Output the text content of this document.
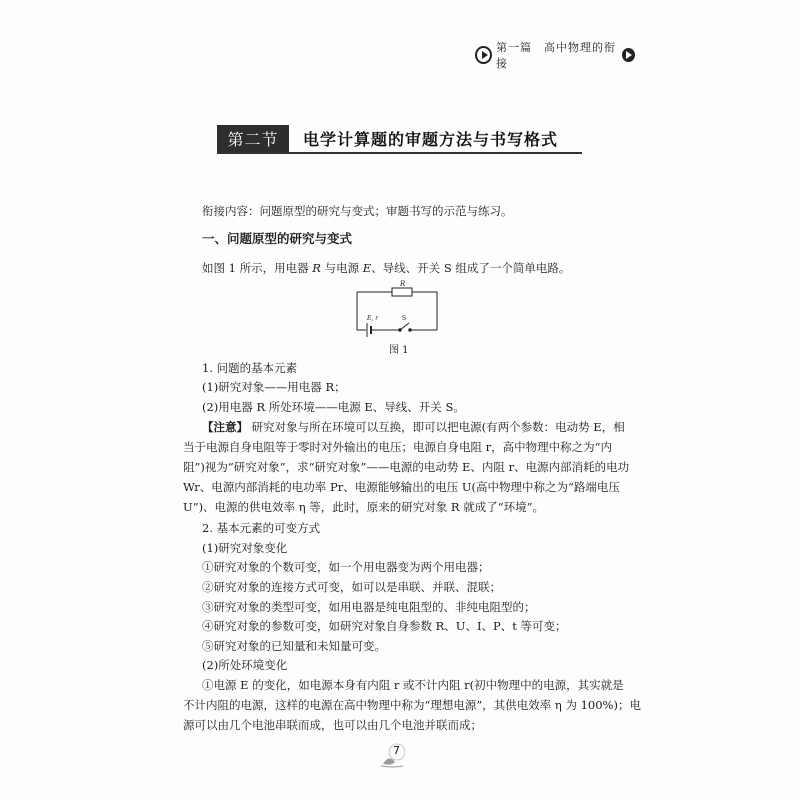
第一篇　高中物理的衔接
第二节	电学计算题的审题方法与书写格式
衔接内容：问题原型的研究与变式；审题书写的示范与练习。
一、问题原型的研究与变式
如图 1 所示，用电器 R 与电源 E、导线、开关 S 组成了一个简单电路。
R
E, r	S
图 1
1. 问题的基本元素
(1)研究对象——用电器 R；
(2)用电器 R 所处环境——电源 E、导线、开关 S。
【注意】 研究对象与所在环境可以互换，即可以把电源(有两个参数：电动势 E，相
当于电源自身电阻等于零时对外输出的电压；电源自身电阻 r，高中物理中称之为“内
阻”)视为“研究对象”，求“研究对象”——电源的电动势 E、内阻 r、电源内部消耗的电功
Wr、电源内部消耗的电功率 Pr、电源能够输出的电压 U(高中物理中称之为“路端电压
U”)、电源的供电效率 η 等，此时，原来的研究对象 R 就成了“环境”。
2. 基本元素的可变方式
(1)研究对象变化
①研究对象的个数可变，如一个用电器变为两个用电器；
②研究对象的连接方式可变，如可以是串联、并联、混联；
③研究对象的类型可变，如用电器是纯电阻型的、非纯电阻型的；
④研究对象的参数可变，如研究对象自身参数 R、U、I、P、t 等可变；
⑤研究对象的已知量和未知量可变。
(2)所处环境变化
①电源 E 的变化，如电源本身有内阻 r 或不计内阻 r(初中物理中的电源，其实就是
不计内阻的电源，这样的电源在高中物理中称为“理想电源”，其供电效率 η 为 100%)；电
源可以由几个电池串联而成，也可以由几个电池并联而成；
7
